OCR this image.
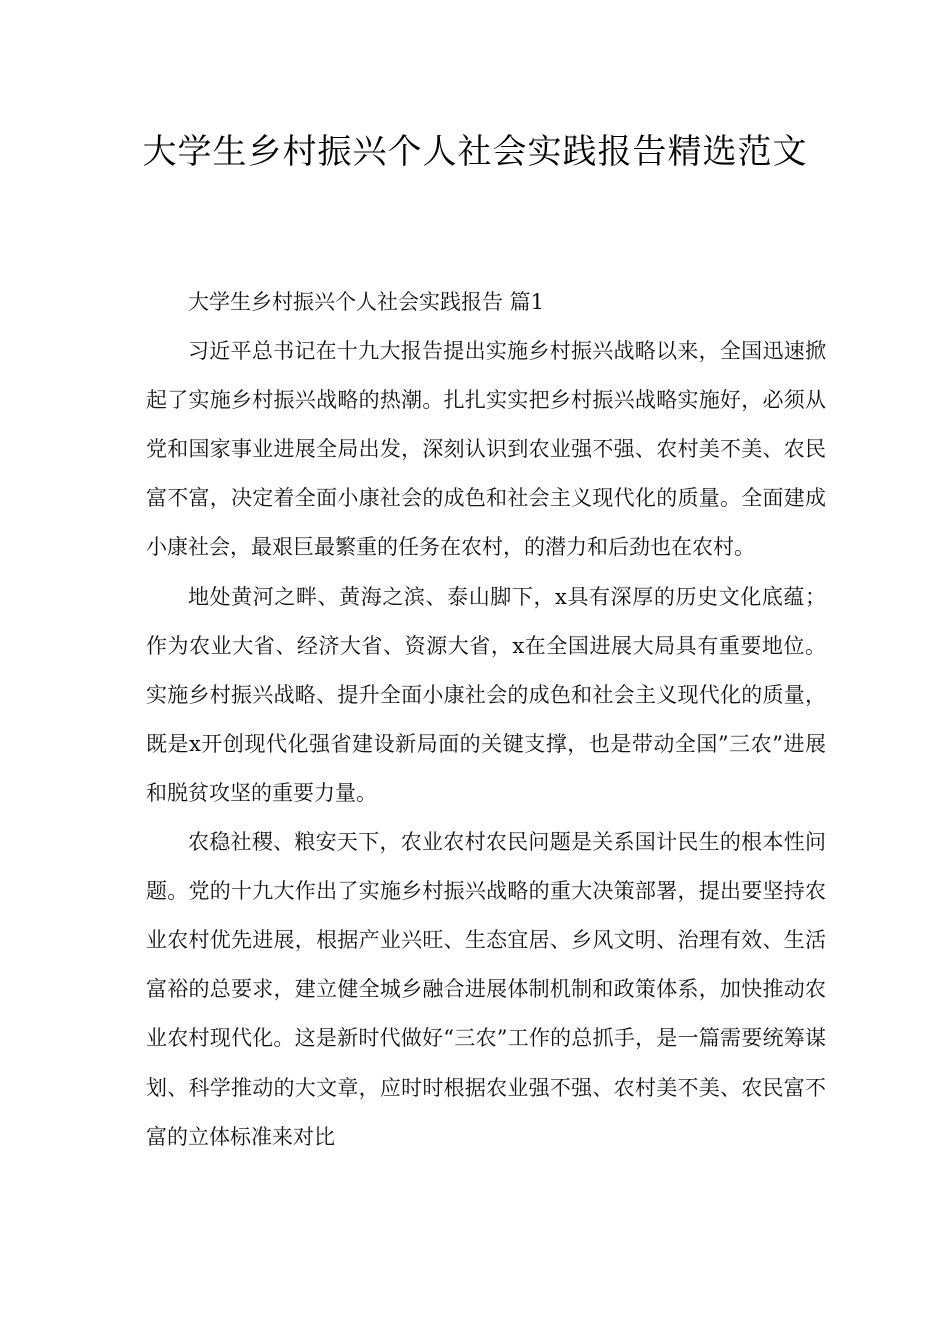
大学生乡村振兴个人社会实践报告精选范文

大学生乡村振兴个人社会实践报告 篇1

习近平总书记在十九大报告提出实施乡村振兴战略以来，全国迅速掀起了实施乡村振兴战略的热潮。扎扎实实把乡村振兴战略实施好，必须从党和国家事业进展全局出发，深刻认识到农业强不强、农村美不美、农民富不富，决定着全面小康社会的成色和社会主义现代化的质量。全面建成小康社会，最艰巨最繁重的任务在农村，的潜力和后劲也在农村。

地处黄河之畔、黄海之滨、泰山脚下，x具有深厚的历史文化底蕴；作为农业大省、经济大省、资源大省，x在全国进展大局具有重要地位。实施乡村振兴战略、提升全面小康社会的成色和社会主义现代化的质量，既是x开创现代化强省建设新局面的关键支撑，也是带动全国”三农”进展和脱贫攻坚的重要力量。

农稳社稷、粮安天下，农业农村农民问题是关系国计民生的根本性问题。党的十九大作出了实施乡村振兴战略的重大决策部署，提出要坚持农业农村优先进展，根据产业兴旺、生态宜居、乡风文明、治理有效、生活富裕的总要求，建立健全城乡融合进展体制机制和政策体系，加快推动农业农村现代化。这是新时代做好“三农”工作的总抓手，是一篇需要统筹谋划、科学推动的大文章，应时时根据农业强不强、农村美不美、农民富不富的立体标准来对比
